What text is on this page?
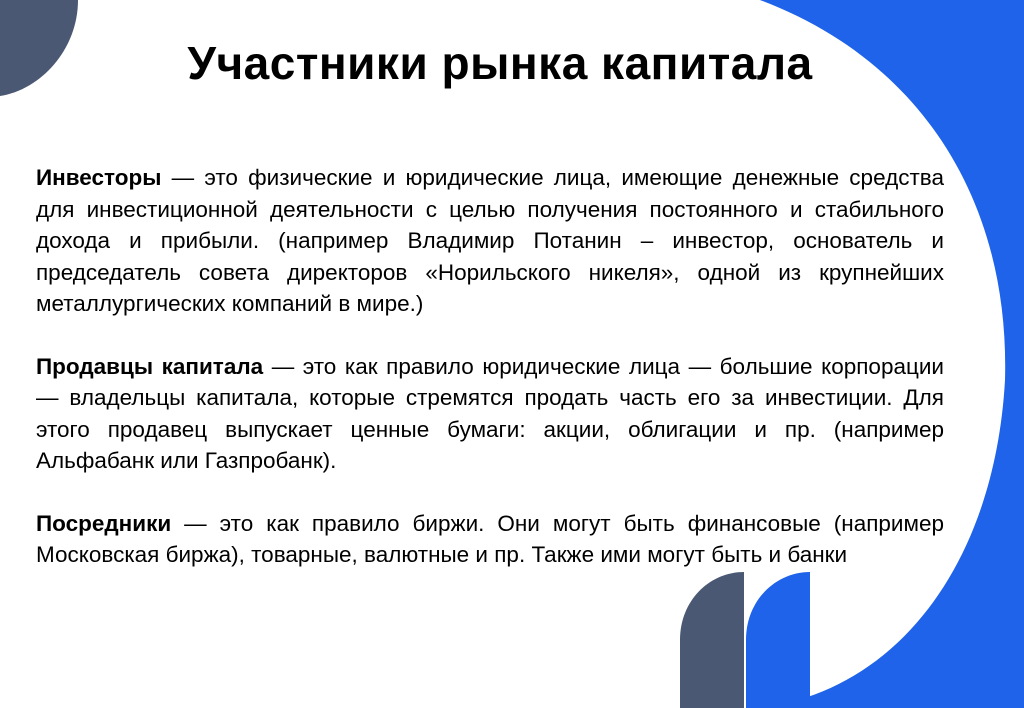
Участники рынка капитала

Инвесторы — это физические и юридические лица, имеющие денежные средства для инвестиционной деятельности с целью получения постоянного и стабильного дохода и прибыли. (например Владимир Потанин – инвестор, основатель и председатель совета директоров «Норильского никеля», одной из крупнейших металлургических компаний в мире.)

Продавцы капитала — это как правило юридические лица — большие корпорации — владельцы капитала, которые стремятся продать часть его за инвестиции. Для этого продавец выпускает ценные бумаги: акции, облигации и пр. (например Альфабанк или Газпробанк).

Посредники — это как правило биржи. Они могут быть финансовые (например Московская биржа), товарные, валютные и пр. Также ими могут быть и банки
